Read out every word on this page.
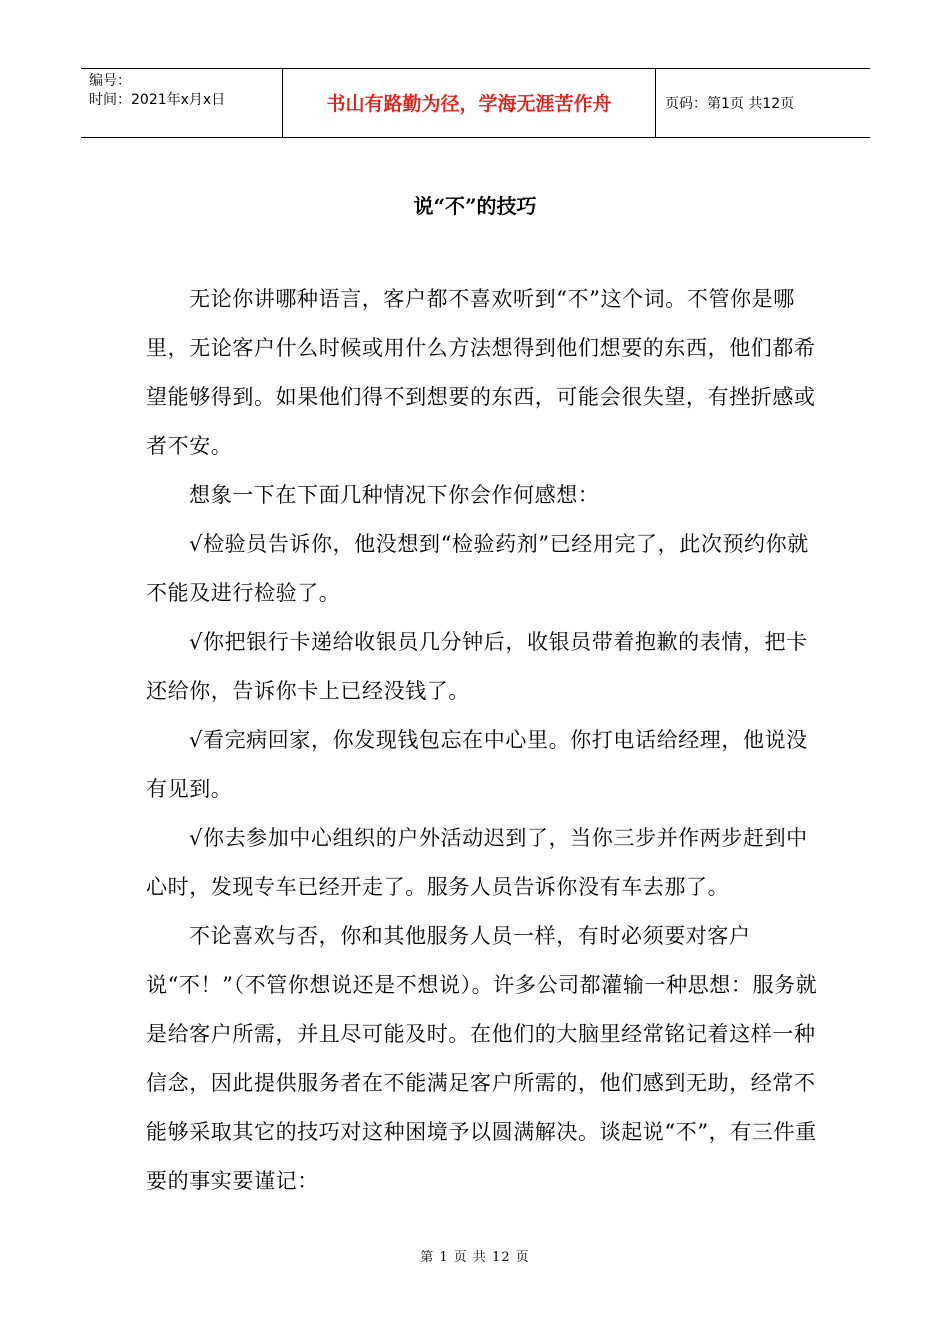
编号：
时间：2021年x月x日	书山有路勤为径，学海无涯苦作舟	页码：第1页 共12页
说“不”的技巧

无论你讲哪种语言，客户都不喜欢听到“不”这个词。不管你是哪里，无论客户什么时候或用什么方法想得到他们想要的东西，他们都希望能够得到。如果他们得不到想要的东西，可能会很失望，有挫折感或者不安。

想象一下在下面几种情况下你会作何感想：

√检验员告诉你，他没想到“检验药剂”已经用完了，此次预约你就不能及进行检验了。

√你把银行卡递给收银员几分钟后，收银员带着抱歉的表情，把卡还给你，告诉你卡上已经没钱了。

√看完病回家，你发现钱包忘在中心里。你打电话给经理，他说没有见到。

√你去参加中心组织的户外活动迟到了，当你三步并作两步赶到中心时，发现专车已经开走了。服务人员告诉你没有车去那了。

不论喜欢与否，你和其他服务人员一样，有时必须要对客户说“不！”（不管你想说还是不想说）。许多公司都灌输一种思想：服务就是给客户所需，并且尽可能及时。在他们的大脑里经常铭记着这样一种信念，因此提供服务者在不能满足客户所需的，他们感到无助，经常不能够采取其它的技巧对这种困境予以圆满解决。谈起说“不”，有三件重要的事实要谨记：

第 1 页 共 12 页
